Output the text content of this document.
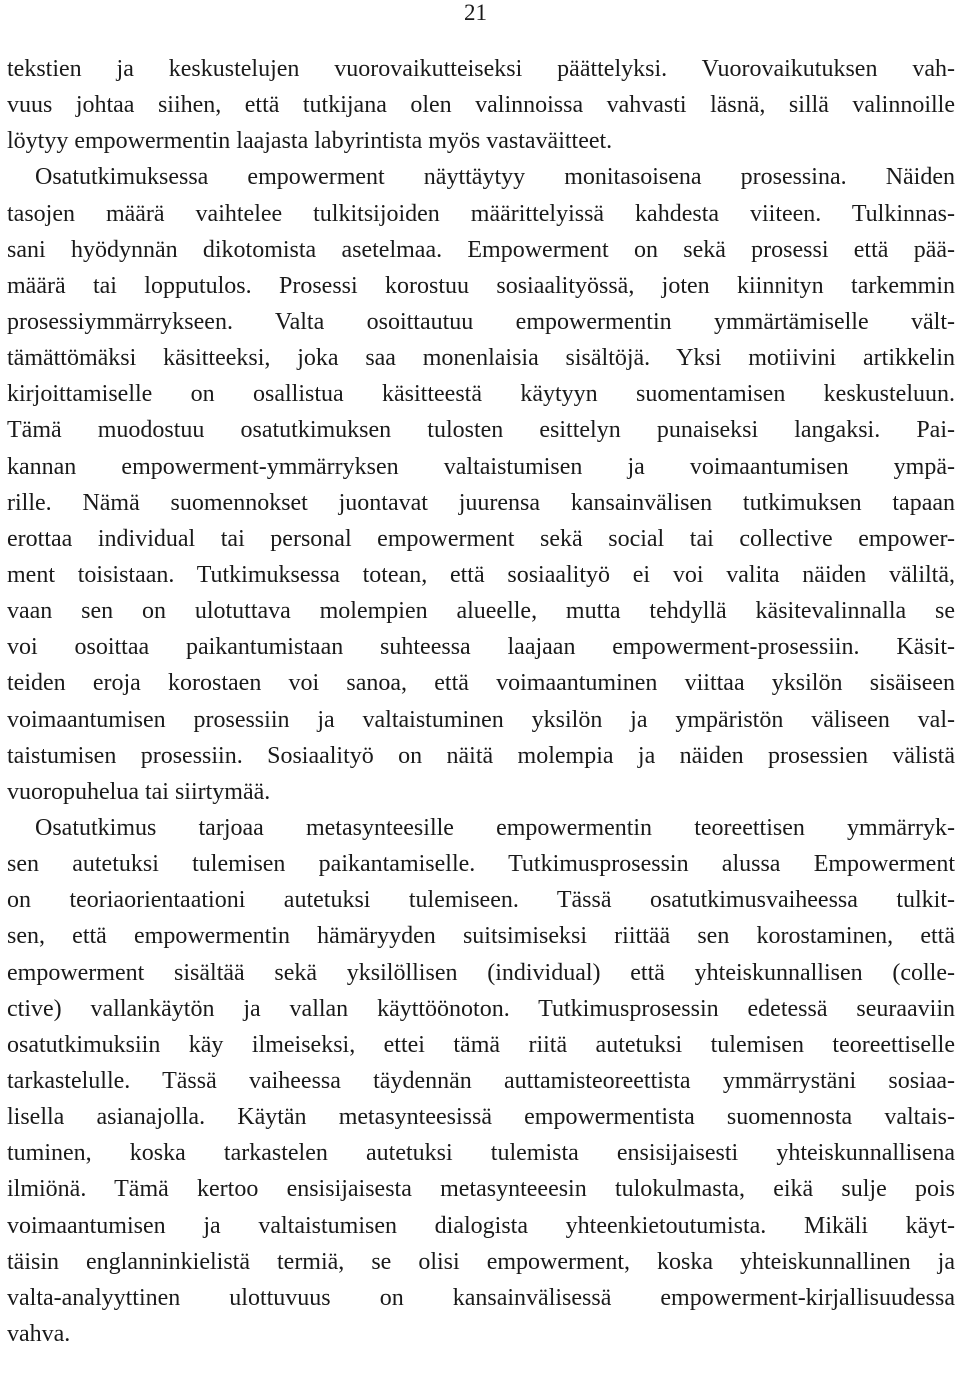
21
tekstien ja keskustelujen vuorovaikutteiseksi päättelyksi. Vuorovaikutuksen vah-
vuus johtaa siihen, että tutkijana olen valinnoissa vahvasti läsnä, sillä valinnoille
löytyy empowermentin laajasta labyrintista myös vastaväitteet.
Osatutkimuksessa empowerment näyttäytyy monitasoisena prosessina. Näiden
tasojen määrä vaihtelee tulkitsijoiden määrittelyissä kahdesta viiteen. Tulkinnas-
sani hyödynnän dikotomista asetelmaa. Empowerment on sekä prosessi että pää-
määrä tai lopputulos. Prosessi korostuu sosiaalityössä, joten kiinnityn tarkemmin
prosessiymmärrykseen. Valta osoittautuu empowermentin ymmärtämiselle vält-
tämättömäksi käsitteeksi, joka saa monenlaisia sisältöjä. Yksi motiivini artikkelin
kirjoittamiselle on osallistua käsitteestä käytyyn suomentamisen keskusteluun.
Tämä muodostuu osatutkimuksen tulosten esittelyn punaiseksi langaksi. Pai-
kannan empowerment-ymmärryksen valtaistumisen ja voimaantumisen ympä-
rille. Nämä suomennokset juontavat juurensa kansainvälisen tutkimuksen tapaan
erottaa individual tai personal empowerment sekä social tai collective empower-
ment toisistaan. Tutkimuksessa totean, että sosiaalityö ei voi valita näiden väliltä,
vaan sen on ulotuttava molempien alueelle, mutta tehdyllä käsitevalinnalla se
voi osoittaa paikantumistaan suhteessa laajaan empowerment-prosessiin. Käsit-
teiden eroja korostaen voi sanoa, että voimaantuminen viittaa yksilön sisäiseen
voimaantumisen prosessiin ja valtaistuminen yksilön ja ympäristön väliseen val-
taistumisen prosessiin. Sosiaalityö on näitä molempia ja näiden prosessien välistä
vuoropuhelua tai siirtymää.
Osatutkimus tarjoaa metasynteesille empowermentin teoreettisen ymmärryk-
sen autetuksi tulemisen paikantamiselle. Tutkimusprosessin alussa Empowerment
on teoriaorientaationi autetuksi tulemiseen. Tässä osatutkimusvaiheessa tulkit-
sen, että empowermentin hämäryyden suitsimiseksi riittää sen korostaminen, että
empowerment sisältää sekä yksilöllisen (individual) että yhteiskunnallisen (colle-
ctive) vallankäytön ja vallan käyttöönoton. Tutkimusprosessin edetessä seuraaviin
osatutkimuksiin käy ilmeiseksi, ettei tämä riitä autetuksi tulemisen teoreettiselle
tarkastelulle. Tässä vaiheessa täydennän auttamisteoreettista ymmärrystäni sosiaa-
lisella asianajolla. Käytän metasynteesissä empowermentista suomennosta valtais-
tuminen, koska tarkastelen autetuksi tulemista ensisijaisesti yhteiskunnallisena
ilmiönä. Tämä kertoo ensisijaisesta metasynteeesin tulokulmasta, eikä sulje pois
voimaantumisen ja valtaistumisen dialogista yhteenkietoutumista. Mikäli käyt-
täisin englanninkielistä termiä, se olisi empowerment, koska yhteiskunnallinen ja
valta-analyyttinen ulottuvuus on kansainvälisessä empowerment-kirjallisuudessa
vahva.
